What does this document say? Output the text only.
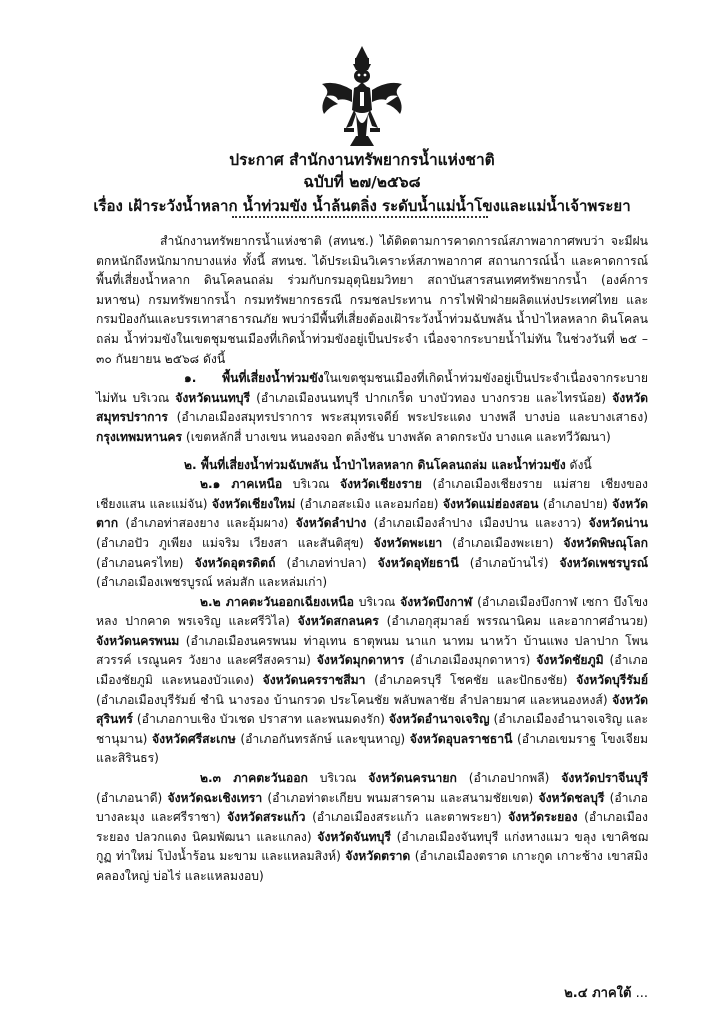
ประกาศ สำนักงานทรัพยากรน้ำแห่งชาติ
ฉบับที่ ๒๗/๒๕๖๘
เรื่อง เฝ้าระวังน้ำหลาก น้ำท่วมขัง น้ำล้นตลิ่ง ระดับน้ำแม่น้ำโขงและแม่น้ำเจ้าพระยา

สำนักงานทรัพยากรน้ำแห่งชาติ (สทนช.) ได้ติดตามการคาดการณ์สภาพอากาศพบว่า จะมีฝนตกหนักถึงหนักมากบางแห่ง ทั้งนี้ สทนช. ได้ประเมินวิเคราะห์สภาพอากาศ สถานการณ์น้ำ และคาดการณ์พื้นที่เสี่ยงน้ำหลาก ดินโคลนถล่ม ร่วมกับกรมอุตุนิยมวิทยา สถาบันสารสนเทศทรัพยากรน้ำ (องค์การมหาชน) กรมทรัพยากรน้ำ กรมทรัพยากรธรณี กรมชลประทาน การไฟฟ้าฝ่ายผลิตแห่งประเทศไทย และกรมป้องกันและบรรเทาสาธารณภัย พบว่ามีพื้นที่เสี่ยงต้องเฝ้าระวังน้ำท่วมฉับพลัน น้ำป่าไหลหลาก ดินโคลนถล่ม น้ำท่วมขังในเขตชุมชนเมืองที่เกิดน้ำท่วมขังอยู่เป็นประจำ เนื่องจากระบายน้ำไม่ทัน ในช่วงวันที่ ๒๕ – ๓๐ กันยายน ๒๕๖๘ ดังนี้

๑. พื้นที่เสี่ยงน้ำท่วมขังในเขตชุมชนเมืองที่เกิดน้ำท่วมขังอยู่เป็นประจำเนื่องจากระบายไม่ทัน บริเวณ จังหวัดนนทบุรี (อำเภอเมืองนนทบุรี ปากเกร็ด บางบัวทอง บางกรวย และไทรน้อย) จังหวัดสมุทรปราการ (อำเภอเมืองสมุทรปราการ พระสมุทรเจดีย์ พระประแดง บางพลี บางบ่อ และบางเสาธง) กรุงเทพมหานคร (เขตหลักสี่ บางเขน หนองจอก ตลิ่งชัน บางพลัด ลาดกระบัง บางแค และทวีวัฒนา)

๒. พื้นที่เสี่ยงน้ำท่วมฉับพลัน น้ำป่าไหลหลาก ดินโคลนถล่ม และน้ำท่วมขัง ดังนี้

๒.๑ ภาคเหนือ บริเวณ จังหวัดเชียงราย (อำเภอเมืองเชียงราย แม่สาย เชียงของ เชียงแสน และแม่จัน) จังหวัดเชียงใหม่ (อำเภอสะเมิง และอมก๋อย) จังหวัดแม่ฮ่องสอน (อำเภอปาย) จังหวัดตาก (อำเภอท่าสองยาง และอุ้มผาง) จังหวัดลำปาง (อำเภอเมืองลำปาง เมืองปาน และงาว) จังหวัดน่าน (อำเภอปัว ภูเพียง แม่จริม เวียงสา และสันติสุข) จังหวัดพะเยา (อำเภอเมืองพะเยา) จังหวัดพิษณุโลก (อำเภอนครไทย) จังหวัดอุตรดิตถ์ (อำเภอท่าปลา) จังหวัดอุทัยธานี (อำเภอบ้านไร่) จังหวัดเพชรบูรณ์ (อำเภอเมืองเพชรบูรณ์ หล่มสัก และหล่มเก่า)

๒.๒ ภาคตะวันออกเฉียงเหนือ บริเวณ จังหวัดบึงกาฬ (อำเภอเมืองบึงกาฬ เซกา บึงโขงหลง ปากคาด พรเจริญ และศรีวิไล) จังหวัดสกลนคร (อำเภอกุสุมาลย์ พรรณานิคม และอากาศอำนวย) จังหวัดนครพนม (อำเภอเมืองนครพนม ท่าอุเทน ธาตุพนม นาแก นาทม นาหว้า บ้านแพง ปลาปาก โพนสวรรค์ เรณูนคร วังยาง และศรีสงคราม) จังหวัดมุกดาหาร (อำเภอเมืองมุกดาหาร) จังหวัดชัยภูมิ (อำเภอเมืองชัยภูมิ และหนองบัวแดง) จังหวัดนครราชสีมา (อำเภอครบุรี โชคชัย และปักธงชัย) จังหวัดบุรีรัมย์ (อำเภอเมืองบุรีรัมย์ ชำนิ นางรอง บ้านกรวด ประโคนชัย พลับพลาชัย ลำปลายมาศ และหนองหงส์) จังหวัดสุรินทร์ (อำเภอกาบเชิง บัวเชด ปราสาท และพนมดงรัก) จังหวัดอำนาจเจริญ (อำเภอเมืองอำนาจเจริญ และชานุมาน) จังหวัดศรีสะเกษ (อำเภอกันทรลักษ์ และขุนหาญ) จังหวัดอุบลราชธานี (อำเภอเขมราฐ โขงเจียม และสิรินธร)

๒.๓ ภาคตะวันออก บริเวณ จังหวัดนครนายก (อำเภอปากพลี) จังหวัดปราจีนบุรี (อำเภอนาดี) จังหวัดฉะเชิงเทรา (อำเภอท่าตะเกียบ พนมสารคาม และสนามชัยเขต) จังหวัดชลบุรี (อำเภอบางละมุง และศรีราชา) จังหวัดสระแก้ว (อำเภอเมืองสระแก้ว และตาพระยา) จังหวัดระยอง (อำเภอเมืองระยอง ปลวกแดง นิคมพัฒนา และแกลง) จังหวัดจันทบุรี (อำเภอเมืองจันทบุรี แก่งหางแมว ขลุง เขาคิชฌกูฏ ท่าใหม่ โป่งน้ำร้อน มะขาม และแหลมสิงห์) จังหวัดตราด (อำเภอเมืองตราด เกาะกูด เกาะช้าง เขาสมิง คลองใหญ่ บ่อไร่ และแหลมงอบ)

๒.๔ ภาคใต้ ...
